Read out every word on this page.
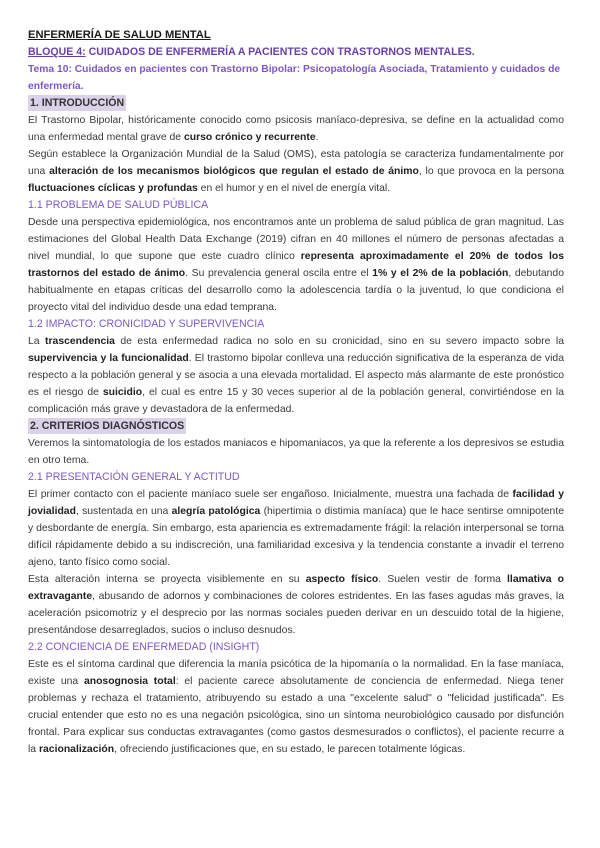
ENFERMERÍA DE SALUD MENTAL
BLOQUE 4: CUIDADOS DE ENFERMERÍA A PACIENTES CON TRASTORNOS MENTALES.
Tema 10: Cuidados en pacientes con Trastorno Bipolar: Psicopatología Asociada, Tratamiento y cuidados de enfermería.
1. INTRODUCCIÓN

El Trastorno Bipolar, históricamente conocido como psicosis maníaco-depresiva, se define en la actualidad como una enfermedad mental grave de curso crónico y recurrente.

Según establece la Organización Mundial de la Salud (OMS), esta patología se caracteriza fundamentalmente por una alteración de los mecanismos biológicos que regulan el estado de ánimo, lo que provoca en la persona fluctuaciones cíclicas y profundas en el humor y en el nivel de energía vital.

1.1 PROBLEMA DE SALUD PÚBLICA

Desde una perspectiva epidemiológica, nos encontramos ante un problema de salud pública de gran magnitud. Las estimaciones del Global Health Data Exchange (2019) cifran en 40 millones el número de personas afectadas a nivel mundial, lo que supone que este cuadro clínico representa aproximadamente el 20% de todos los trastornos del estado de ánimo. Su prevalencia general oscila entre el 1% y el 2% de la población, debutando habitualmente en etapas críticas del desarrollo como la adolescencia tardía o la juventud, lo que condiciona el proyecto vital del individuo desde una edad temprana.

1.2 IMPACTO: CRONICIDAD Y SUPERVIVENCIA

La trascendencia de esta enfermedad radica no solo en su cronicidad, sino en su severo impacto sobre la supervivencia y la funcionalidad. El trastorno bipolar conlleva una reducción significativa de la esperanza de vida respecto a la población general y se asocia a una elevada mortalidad. El aspecto más alarmante de este pronóstico es el riesgo de suicidio, el cual es entre 15 y 30 veces superior al de la población general, convirtiéndose en la complicación más grave y devastadora de la enfermedad.

2. CRITERIOS DIAGNÓSTICOS

Veremos la sintomatología de los estados maniacos e hipomaniacos, ya que la referente a los depresivos se estudia en otro tema.

2.1 PRESENTACIÓN GENERAL Y ACTITUD

El primer contacto con el paciente maníaco suele ser engañoso. Inicialmente, muestra una fachada de facilidad y jovialidad, sustentada en una alegría patológica (hipertimia o distimia maníaca) que le hace sentirse omnipotente y desbordante de energía. Sin embargo, esta apariencia es extremadamente frágil: la relación interpersonal se torna difícil rápidamente debido a su indiscreción, una familiaridad excesiva y la tendencia constante a invadir el terreno ajeno, tanto físico como social.

Esta alteración interna se proyecta visiblemente en su aspecto físico. Suelen vestir de forma llamativa o extravagante, abusando de adornos y combinaciones de colores estridentes. En las fases agudas más graves, la aceleración psicomotriz y el desprecio por las normas sociales pueden derivar en un descuido total de la higiene, presentándose desarreglados, sucios o incluso desnudos.

2.2 CONCIENCIA DE ENFERMEDAD (INSIGHT)

Este es el síntoma cardinal que diferencia la manía psicótica de la hipomanía o la normalidad. En la fase maníaca, existe una anosognosia total: el paciente carece absolutamente de conciencia de enfermedad. Niega tener problemas y rechaza el tratamiento, atribuyendo su estado a una "excelente salud" o "felicidad justificada". Es crucial entender que esto no es una negación psicológica, sino un síntoma neurobiológico causado por disfunción frontal. Para explicar sus conductas extravagantes (como gastos desmesurados o conflictos), el paciente recurre a la racionalización, ofreciendo justificaciones que, en su estado, le parecen totalmente lógicas.
